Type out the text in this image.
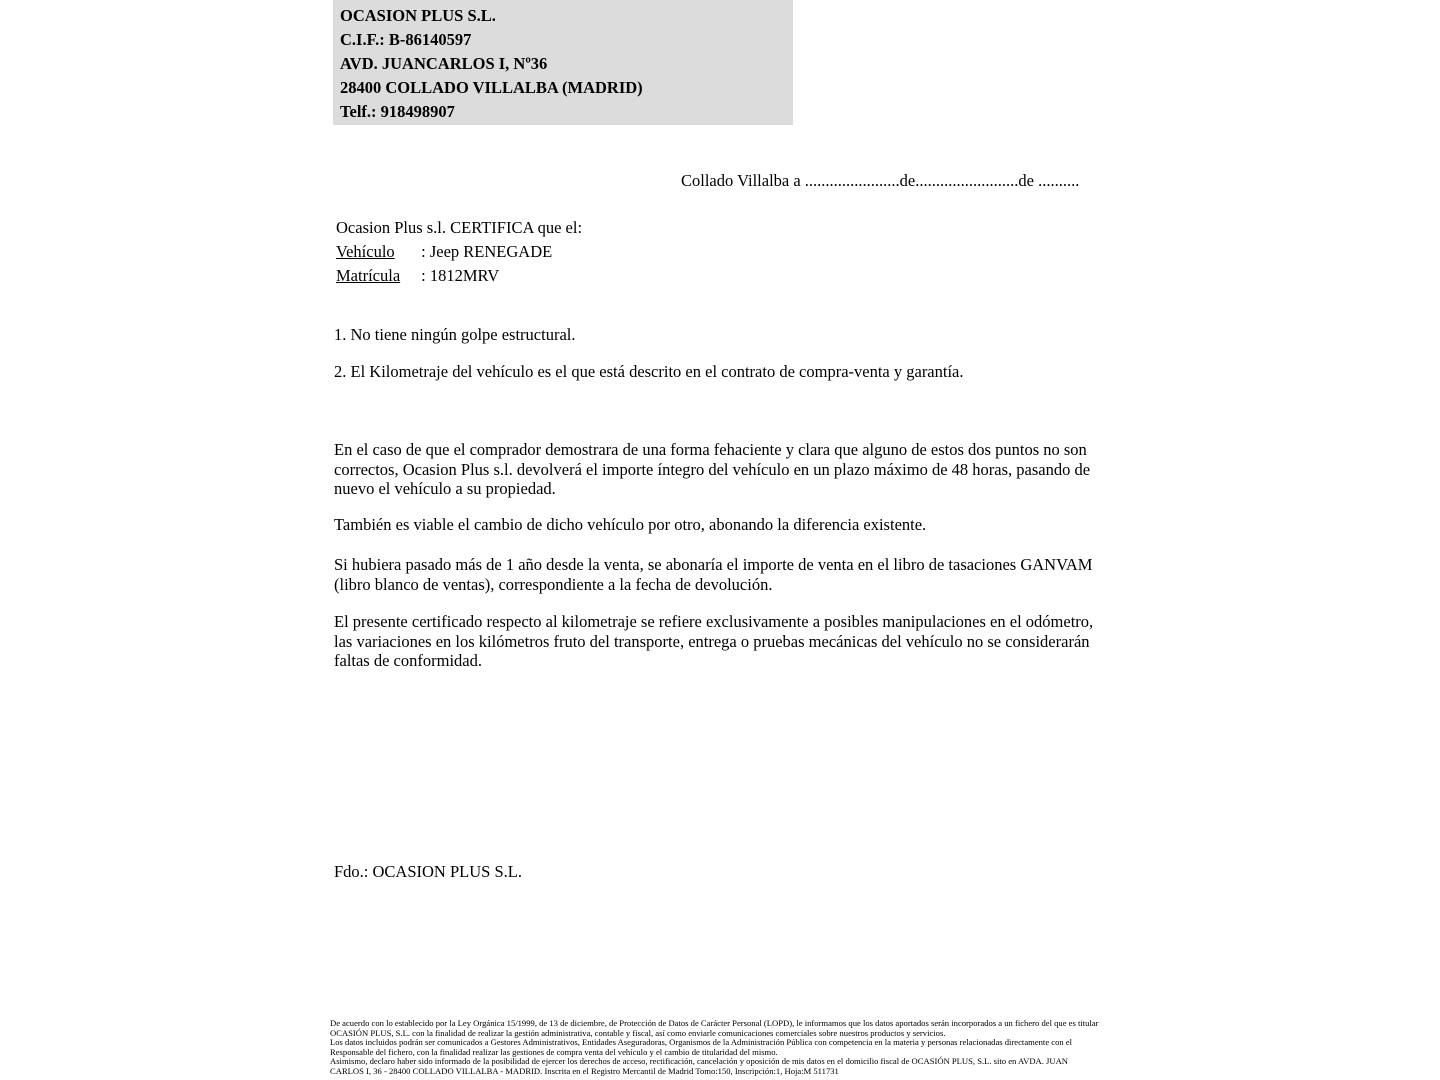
OCASION PLUS S.L.
C.I.F.: B-86140597
AVD. JUANCARLOS I, Nº36
28400 COLLADO VILLALBA (MADRID)
Telf.: 918498907
Collado Villalba a .......................de.........................de ..........
Ocasion Plus s.l. CERTIFICA que el:
Vehículo : Jeep RENEGADE
Matrícula : 1812MRV
1. No tiene ningún golpe estructural.
2. El Kilometraje del vehículo es el que está descrito en el contrato de compra-venta y garantía.
En el caso de que el comprador demostrara de una forma fehaciente y clara que alguno de estos dos puntos no son correctos, Ocasion Plus s.l. devolverá el importe íntegro del vehículo en un plazo máximo de 48 horas, pasando de nuevo el vehículo a su propiedad.
También es viable el cambio de dicho vehículo por otro, abonando la diferencia existente.
Si hubiera pasado más de 1 año desde la venta, se abonaría el importe de venta en el libro de tasaciones GANVAM (libro blanco de ventas), correspondiente a la fecha de devolución.
El presente certificado respecto al kilometraje se refiere exclusivamente a posibles manipulaciones en el odómetro, las variaciones en los kilómetros fruto del transporte, entrega o pruebas mecánicas del vehículo no se considerarán faltas de conformidad.
Fdo.: OCASION PLUS S.L.
De acuerdo con lo establecido por la Ley Orgánica 15/1999, de 13 de diciembre, de Protección de Datos de Carácter Personal (LOPD), le informamos que los datos aportados serán incorporados a un fichero del que es titular
OCASIÓN PLUS, S.L. con la finalidad de realizar la gestión administrativa, contable y fiscal, así como enviarle comunicaciones comerciales sobre nuestros productos y servicios.
Los datos incluidos podrán ser comunicados a Gestores Administrativos, Entidades Aseguradoras, Organismos de la Administración Pública con competencia en la materia y personas relacionadas directamente con el
Responsable del fichero, con la finalidad realizar las gestiones de compra venta del vehículo y el cambio de titularidad del mismo.
Asimismo, declaro haber sido informado de la posibilidad de ejercer los derechos de acceso, rectificación, cancelación y oposición de mis datos en el domicilio fiscal de OCASIÓN PLUS, S.L. sito en AVDA. JUAN
CARLOS I, 36 - 28400 COLLADO VILLALBA - MADRID. Inscrita en el Registro Mercantil de Madrid Tomo:150, Inscripción:1, Hoja:M 511731
